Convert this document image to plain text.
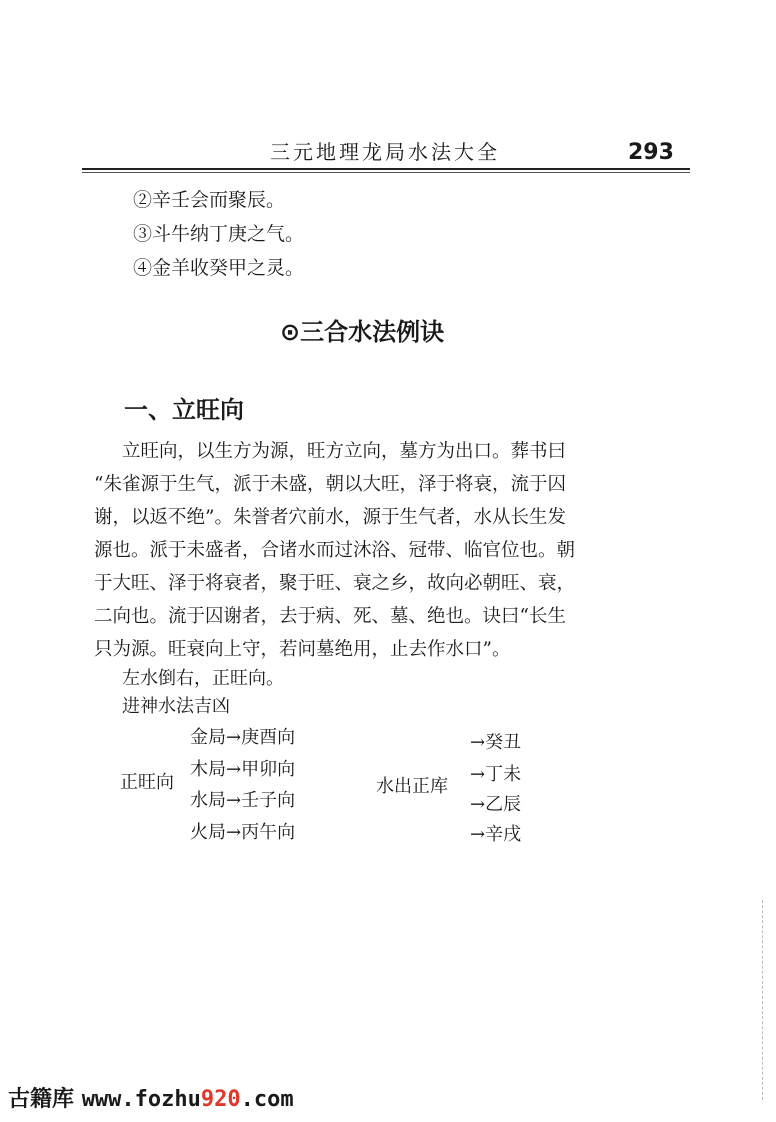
三元地理龙局水法大全	293
②辛壬会而聚辰。
③斗牛纳丁庚之气。
④金羊收癸甲之灵。
⊙三合水法例诀
一、立旺向
立旺向，以生方为源，旺方立向，墓方为出口。葬书曰
“朱雀源于生气，派于未盛，朝以大旺，泽于将衰，流于囚
谢，以返不绝”。朱誉者穴前水，源于生气者，水从长生发
源也。派于未盛者，合诸水而过沐浴、冠带、临官位也。朝
于大旺、泽于将衰者，聚于旺、衰之乡，故向必朝旺、衰，
二向也。流于囚谢者，去于病、死、墓、绝也。诀曰“长生
只为源。旺衰向上守，若问墓绝用，止去作水口”。
左水倒右，正旺向。
进神水法吉凶
正旺向
金局→庚酉向
木局→甲卯向
水局→壬子向
火局→丙午向
水出正库
→癸丑
→丁未
→乙辰
→辛戌
古籍库 www.fozhu920.com
